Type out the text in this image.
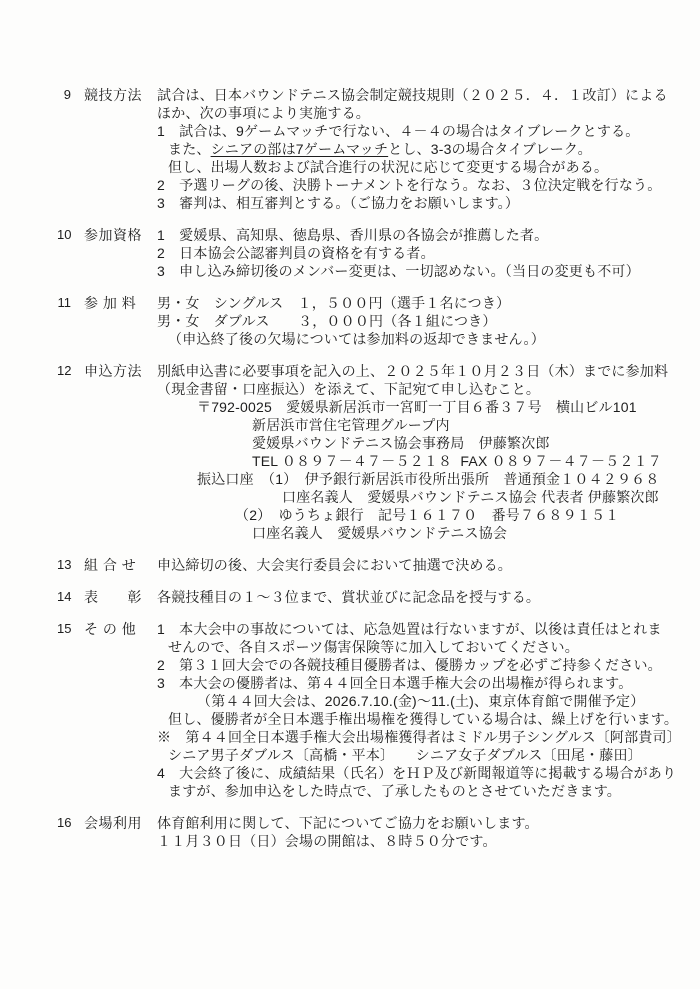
9 競技方法 試合は、日本バウンドテニス協会制定競技規則（２０２５．４．１改訂）による
ほか、次の事項により実施する。
1　試合は、9ゲームマッチで行ない、４－４の場合はタイブレークとする。
また、シニアの部は7ゲームマッチとし、3-3の場合タイブレーク。
但し、出場人数および試合進行の状況に応じて変更する場合がある。
2　予選リーグの後、決勝トーナメントを行なう。なお、３位決定戦を行なう。
3　審判は、相互審判とする。（ご協力をお願いします。）
10 参加資格 1　愛媛県、高知県、徳島県、香川県の各協会が推薦した者。
2　日本協会公認審判員の資格を有する者。
3　申し込み締切後のメンバー変更は、一切認めない。（当日の変更も不可）
11 参 加 料 男・女　シングルス　１，５００円（選手１名につき）
男・女　ダブルス　　３，０００円（各１組につき）
（申込終了後の欠場については参加料の返却できません。）
12 申込方法 別紙申込書に必要事項を記入の上、２０２５年１０月２３日（木）までに参加料
（現金書留・口座振込）を添えて、下記宛て申し込むこと。
〒792-0025　愛媛県新居浜市一宮町一丁目６番３７号　横山ビル101
新居浜市営住宅管理グループ内
愛媛県バウンドテニス協会事務局　伊藤繁次郎
TEL ０８９７－４７－５２１８  FAX ０８９７－４７－５２１７
振込口座　（1）　伊予銀行新居浜市役所出張所　普通預金１０４２９６８
口座名義人　愛媛県バウンドテニス協会 代表者 伊藤繁次郎
（2）　ゆうちょ銀行　記号１６１７０　番号７６８９１５１
口座名義人　愛媛県バウンドテニス協会
13 組 合 せ 申込締切の後、大会実行委員会において抽選で決める。
14 表　　彰 各競技種目の１～３位まで、賞状並びに記念品を授与する。
15 そ の 他 1　本大会中の事故については、応急処置は行ないますが、以後は責任はとれま
せんので、各自スポーツ傷害保険等に加入しておいてください。
2　第３１回大会での各競技種目優勝者は、優勝カップを必ずご持参ください。
3　本大会の優勝者は、第４４回全日本選手権大会の出場権が得られます。
（第４４回大会は、2026.7.10.(金)～11.(土)、東京体育館で開催予定）
但し、優勝者が全日本選手権出場権を獲得している場合は、繰上げを行います。
※　第４４回全日本選手権大会出場権獲得者はミドル男子シングルス〔阿部貴司〕
シニア男子ダブルス〔高橋・平本〕　　シニア女子ダブルス〔田尾・藤田〕
4　大会終了後に、成績結果（氏名）をＨＰ及び新聞報道等に掲載する場合があり
ますが、参加申込をした時点で、了承したものとさせていただきます。
16 会場利用 体育館利用に関して、下記についてご協力をお願いします。
１１月３０日（日）会場の開館は、８時５０分です。
